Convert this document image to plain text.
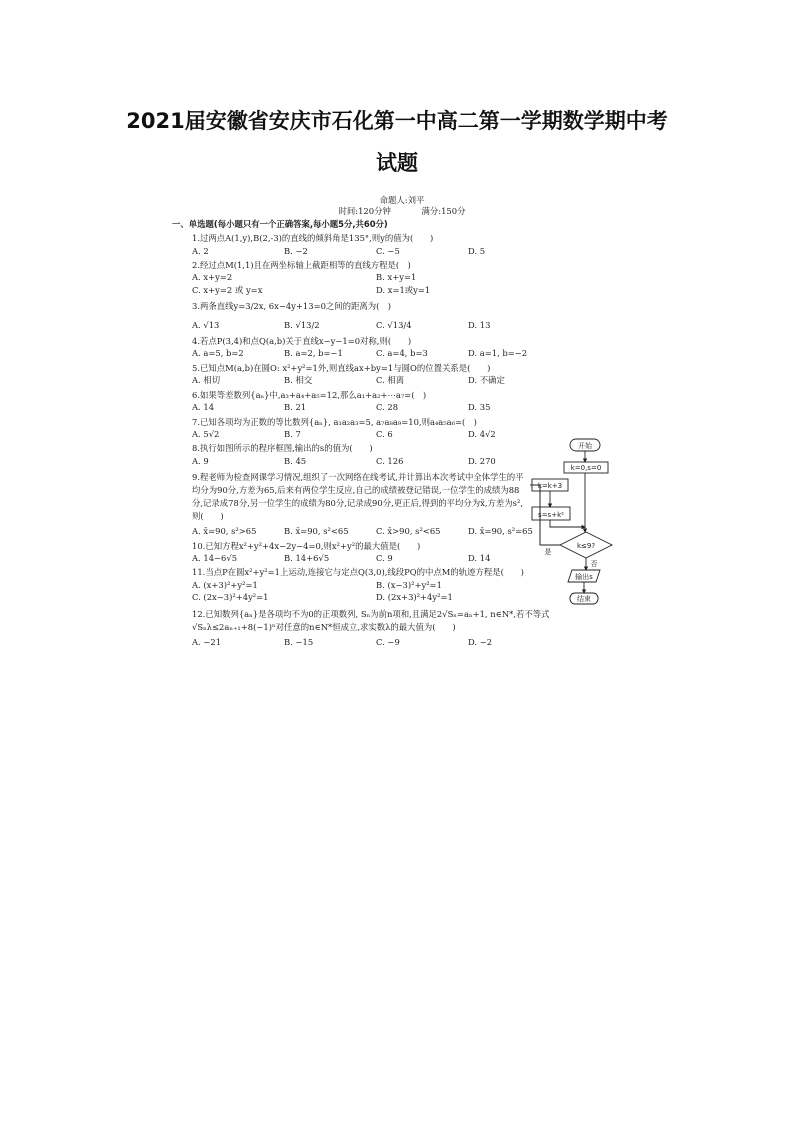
2021届安徽省安庆市石化第一中高二第一学期数学期中考
试题
命题人:刘平
时间:120分钟	满分:150分
一、单选题(每小题只有一个正确答案,每小题5分,共60分)
1.过两点A(1,y),B(2,-3)的直线的倾斜角是135°,则y的值为(　　)
A. 2	B. −2	C. −5	D. 5
2.经过点M(1,1)且在两坐标轴上截距相等的直线方程是(　)
A. x+y=2	B. x+y=1
C. x+y=2 或 y=x	D. x=1或y=1
3.两条直线y=3/2x, 6x−4y+13=0之间的距离为(　)
A. √13	B. √13/2	C. √13/4	D. 13
4.若点P(3,4)和点Q(a,b)关于直线x−y−1=0对称,则(　　)
A. a=5, b=2	B. a=2, b=−1	C. a=4, b=3	D. a=1, b=−2
5.已知点M(a,b)在圆O: x²+y²=1外,则直线ax+by=1与圆O的位置关系是(　　)
A. 相切	B. 相交	C. 相离	D. 不确定
6.如果等差数列{aₙ}中,a₃+a₄+a₅=12,那么a₁+a₂+⋯a₇=(　)
A. 14	B. 21	C. 28	D. 35
7.已知各项均为正数的等比数列{aₙ}, a₁a₂a₃=5, a₇a₈a₉=10,则a₄a₅a₆=(　)
A. 5√2	B. 7	C. 6	D. 4√2
8.执行如图所示的程序框图,输出的s的值为(　　)
A. 9	B. 45	C. 126	D. 270
9.程老师为检查网课学习情况,组织了一次网络在线考试,并计算出本次考试中全体学生的平均分为90分,方差为65,后来有两位学生反应,自己的成绩被登记错误,一位学生的成绩为88分,记录成78分,另一位学生的成绩为80分,记录成90分,更正后,得到的平均分为x̄,方差为s²,则(　　)
A. x̄=90, s²>65	B. x̄=90, s²<65	C. x̄>90, s²<65	D. x̄=90, s²=65
10.已知方程x²+y²+4x−2y−4=0,则x²+y²的最大值是(　　)
A. 14−6√5	B. 14+6√5	C. 9	D. 14
11.当点P在圆x²+y²=1上运动,连接它与定点Q(3,0),线段PQ的中点M的轨迹方程是(　　)
A. (x+3)²+y²=1	B. (x−3)²+y²=1
C. (2x−3)²+4y²=1	D. (2x+3)²+4y²=1
12.已知数列{aₙ}是各项均不为0的正项数列, Sₙ为前n项和,且满足2√Sₙ=aₙ+1, n∈N*,若不等式√Sₙλ≤2aₙ₊₁+8(−1)ⁿ对任意的n∈N*恒成立,求实数λ的最大值为(　　)
A. −21	B. −15	C. −9	D. −2
开始
k=0,s=0
k=k+3
s=s+k²
k≤9?
是
否
输出s
结束
